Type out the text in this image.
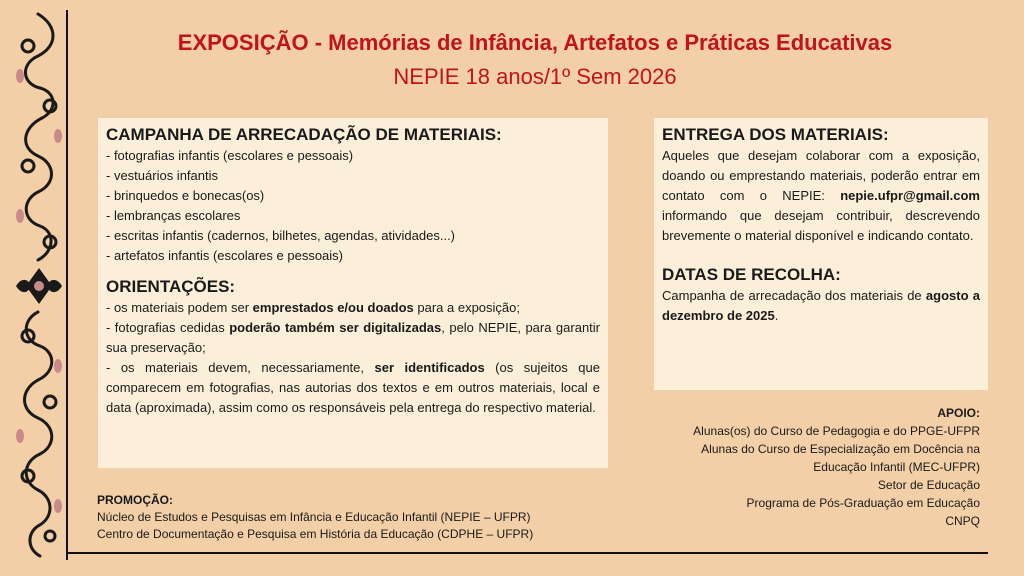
EXPOSIÇÃO - Memórias de Infância, Artefatos e Práticas Educativas
NEPIE 18 anos/1º Sem 2026
CAMPANHA DE ARRECADAÇÃO DE MATERIAIS:
- fotografias infantis (escolares e pessoais)
- vestuários infantis
- brinquedos e bonecas(os)
- lembranças escolares
- escritas infantis (cadernos, bilhetes, agendas, atividades...)
- artefatos infantis (escolares e pessoais)
ORIENTAÇÕES:
- os materiais podem ser emprestados e/ou doados para a exposição;
- fotografias cedidas poderão também ser digitalizadas, pelo NEPIE, para garantir sua preservação;
- os materiais devem, necessariamente, ser identificados (os sujeitos que comparecem em fotografias, nas autorias dos textos e em outros materiais, local e data (aproximada), assim como os responsáveis pela entrega do respectivo material.
ENTREGA DOS MATERIAIS:
Aqueles que desejam colaborar com a exposição, doando ou emprestando materiais, poderão entrar em contato com o NEPIE: nepie.ufpr@gmail.com informando que desejam contribuir, descrevendo brevemente o material disponível e indicando contato.
DATAS DE RECOLHA:
Campanha de arrecadação dos materiais de agosto a dezembro de 2025.
APOIO:
Alunas(os) do Curso de Pedagogia e do PPGE-UFPR
Alunas do Curso de Especialização em Docência na
Educação Infantil (MEC-UFPR)
Setor de Educação
Programa de Pós-Graduação em Educação
CNPQ
PROMOÇÃO:
Núcleo de Estudos e Pesquisas em Infância e Educação Infantil (NEPIE – UFPR)
Centro de Documentação e Pesquisa em História da Educação (CDPHE – UFPR)
